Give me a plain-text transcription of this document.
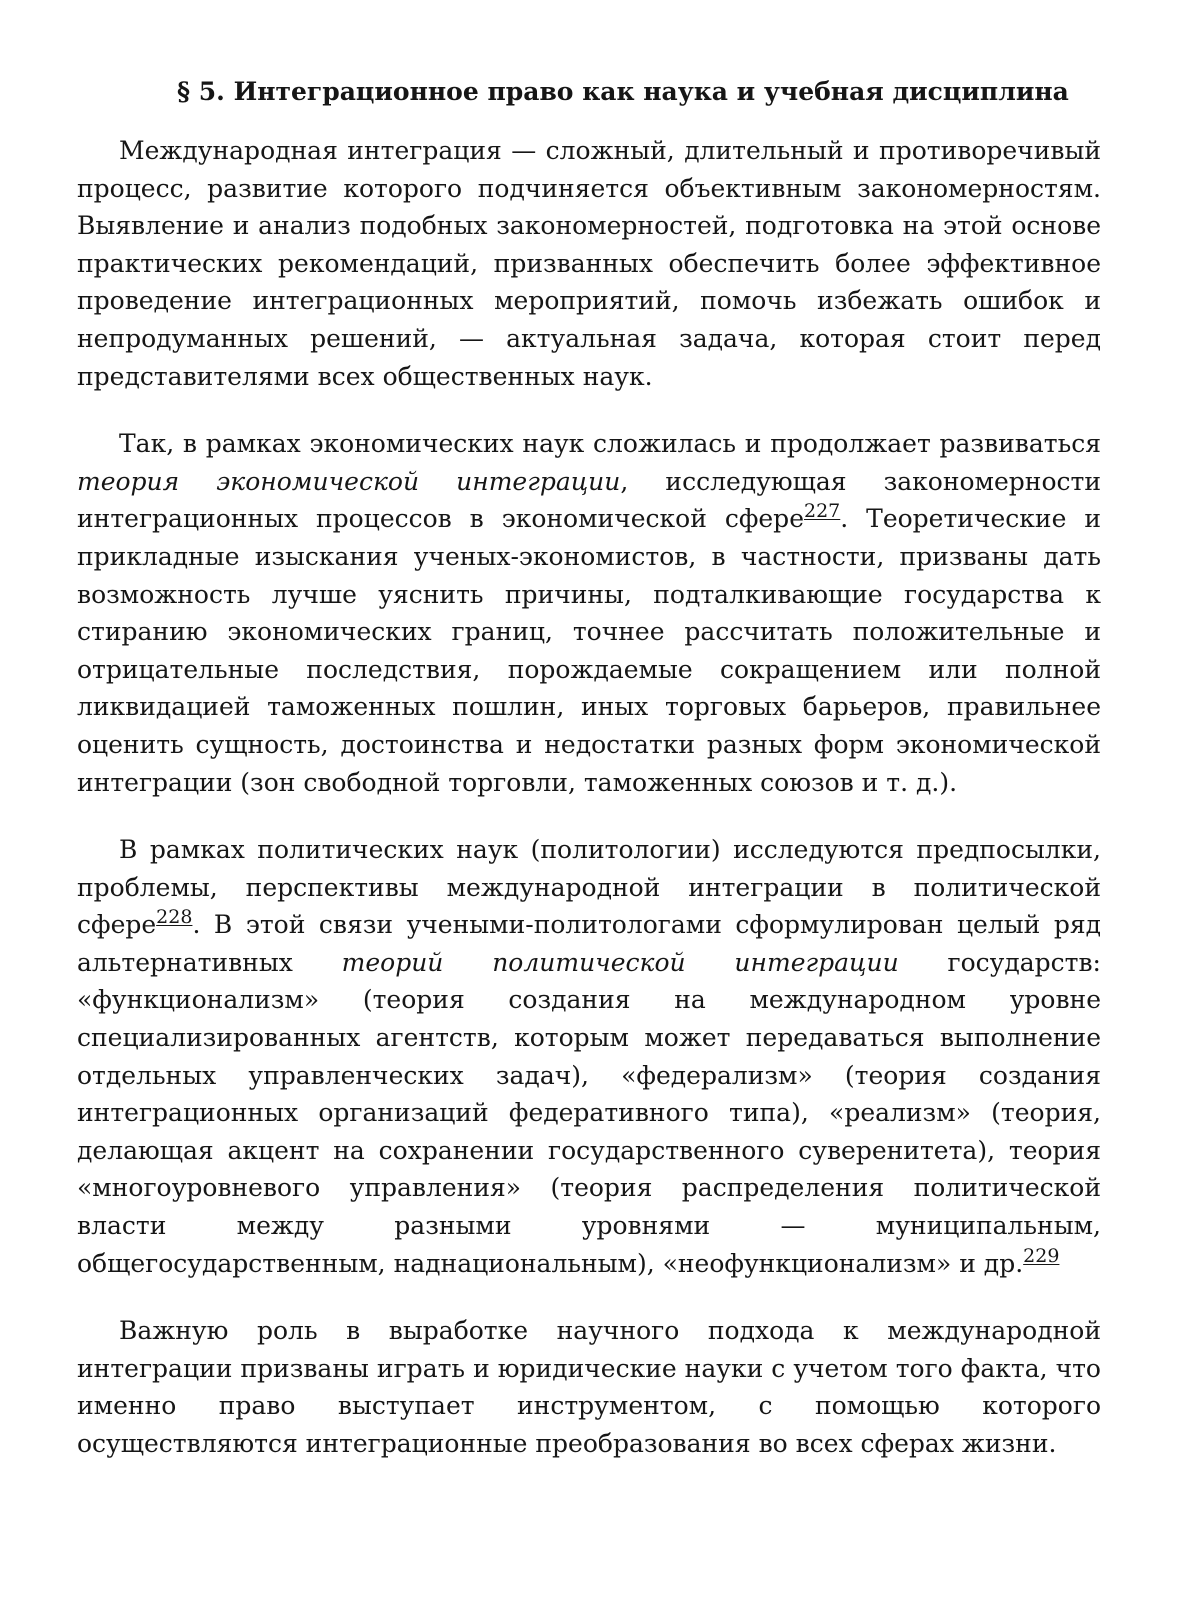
§ 5. Интеграционное право как наука и учебная дисциплина

Международная интеграция — сложный, длительный и противоречивый процесс, развитие которого подчиняется объективным закономерностям. Выявление и анализ подобных закономерностей, подготовка на этой основе практических рекомендаций, призванных обеспечить более эффективное проведение интеграционных мероприятий, помочь избежать ошибок и непродуманных решений, — актуальная задача, которая стоит перед представителями всех общественных наук.

Так, в рамках экономических наук сложилась и продолжает развиваться теория экономической интеграции, исследующая закономерности интеграционных процессов в экономической сфере$^{227}$. Теоретические и прикладные изыскания ученых-экономистов, в частности, призваны дать возможность лучше уяснить причины, подталкивающие государства к стиранию экономических границ, точнее рассчитать положительные и отрицательные последствия, порождаемые сокращением или полной ликвидацией таможенных пошлин, иных торговых барьеров, правильнее оценить сущность, достоинства и недостатки разных форм экономической интеграции (зон свободной торговли, таможенных союзов и т. д.).

В рамках политических наук (политологии) исследуются предпосылки, проблемы, перспективы международной интеграции в политической сфере$^{228}$. В этой связи учеными-политологами сформулирован целый ряд альтернативных теорий политической интеграции государств: «функционализм» (теория создания на международном уровне специализированных агентств, которым может передаваться выполнение отдельных управленческих задач), «федерализм» (теория создания интеграционных организаций федеративного типа), «реализм» (теория, делающая акцент на сохранении государственного суверенитета), теория «многоуровневого управления» (теория распределения политической власти между разными уровнями — муниципальным, общегосударственным, наднациональным), «неофункционализм» и др.$^{229}$

Важную роль в выработке научного подхода к международной интеграции призваны играть и юридические науки с учетом того факта, что именно право выступает инструментом, с помощью которого осуществляются интеграционные преобразования во всех сферах жизни.
